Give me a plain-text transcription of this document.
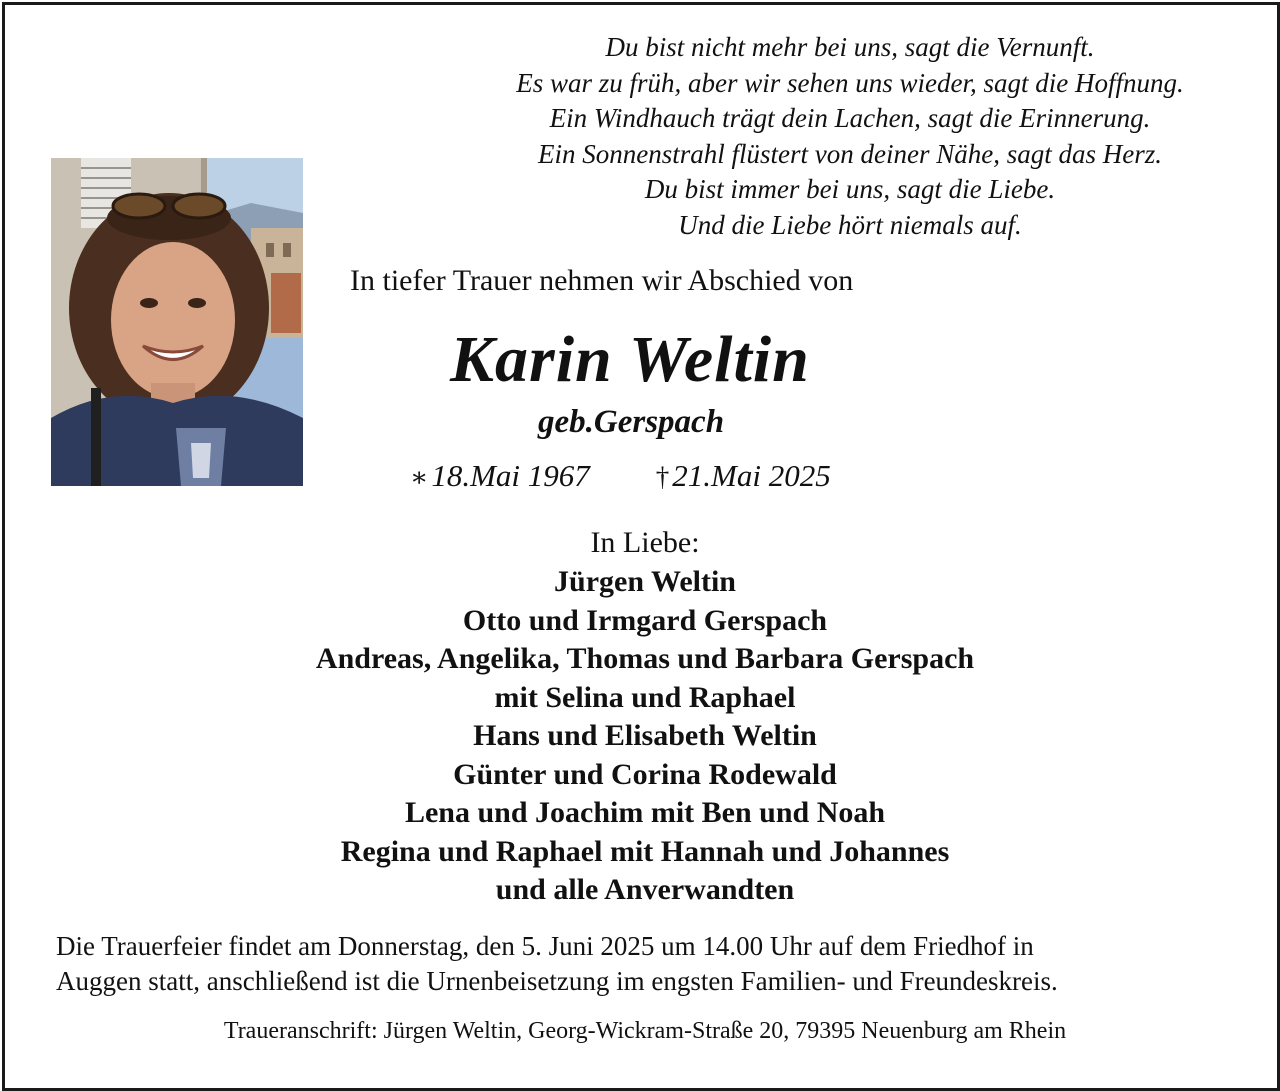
Du bist nicht mehr bei uns, sagt die Vernunft.
Es war zu früh, aber wir sehen uns wieder, sagt die Hoffnung.
Ein Windhauch trägt dein Lachen, sagt die Erinnerung.
Ein Sonnenstrahl flüstert von deiner Nähe, sagt das Herz.
Du bist immer bei uns, sagt die Liebe.
Und die Liebe hört niemals auf.
In tiefer Trauer nehmen wir Abschied von
Karin Weltin
geb.Gerspach
∗18.Mai 1967 †21.Mai 2025
In Liebe:
Jürgen Weltin
Otto und Irmgard Gerspach
Andreas, Angelika, Thomas und Barbara Gerspach
mit Selina und Raphael
Hans und Elisabeth Weltin
Günter und Corina Rodewald
Lena und Joachim mit Ben und Noah
Regina und Raphael mit Hannah und Johannes
und alle Anverwandten
Die Trauerfeier findet am Donnerstag, den 5. Juni 2025 um 14.00 Uhr auf dem Friedhof in
Auggen statt, anschließend ist die Urnenbeisetzung im engsten Familien- und Freundeskreis.
Traueranschrift: Jürgen Weltin, Georg-Wickram-Straße 20, 79395 Neuenburg am Rhein
